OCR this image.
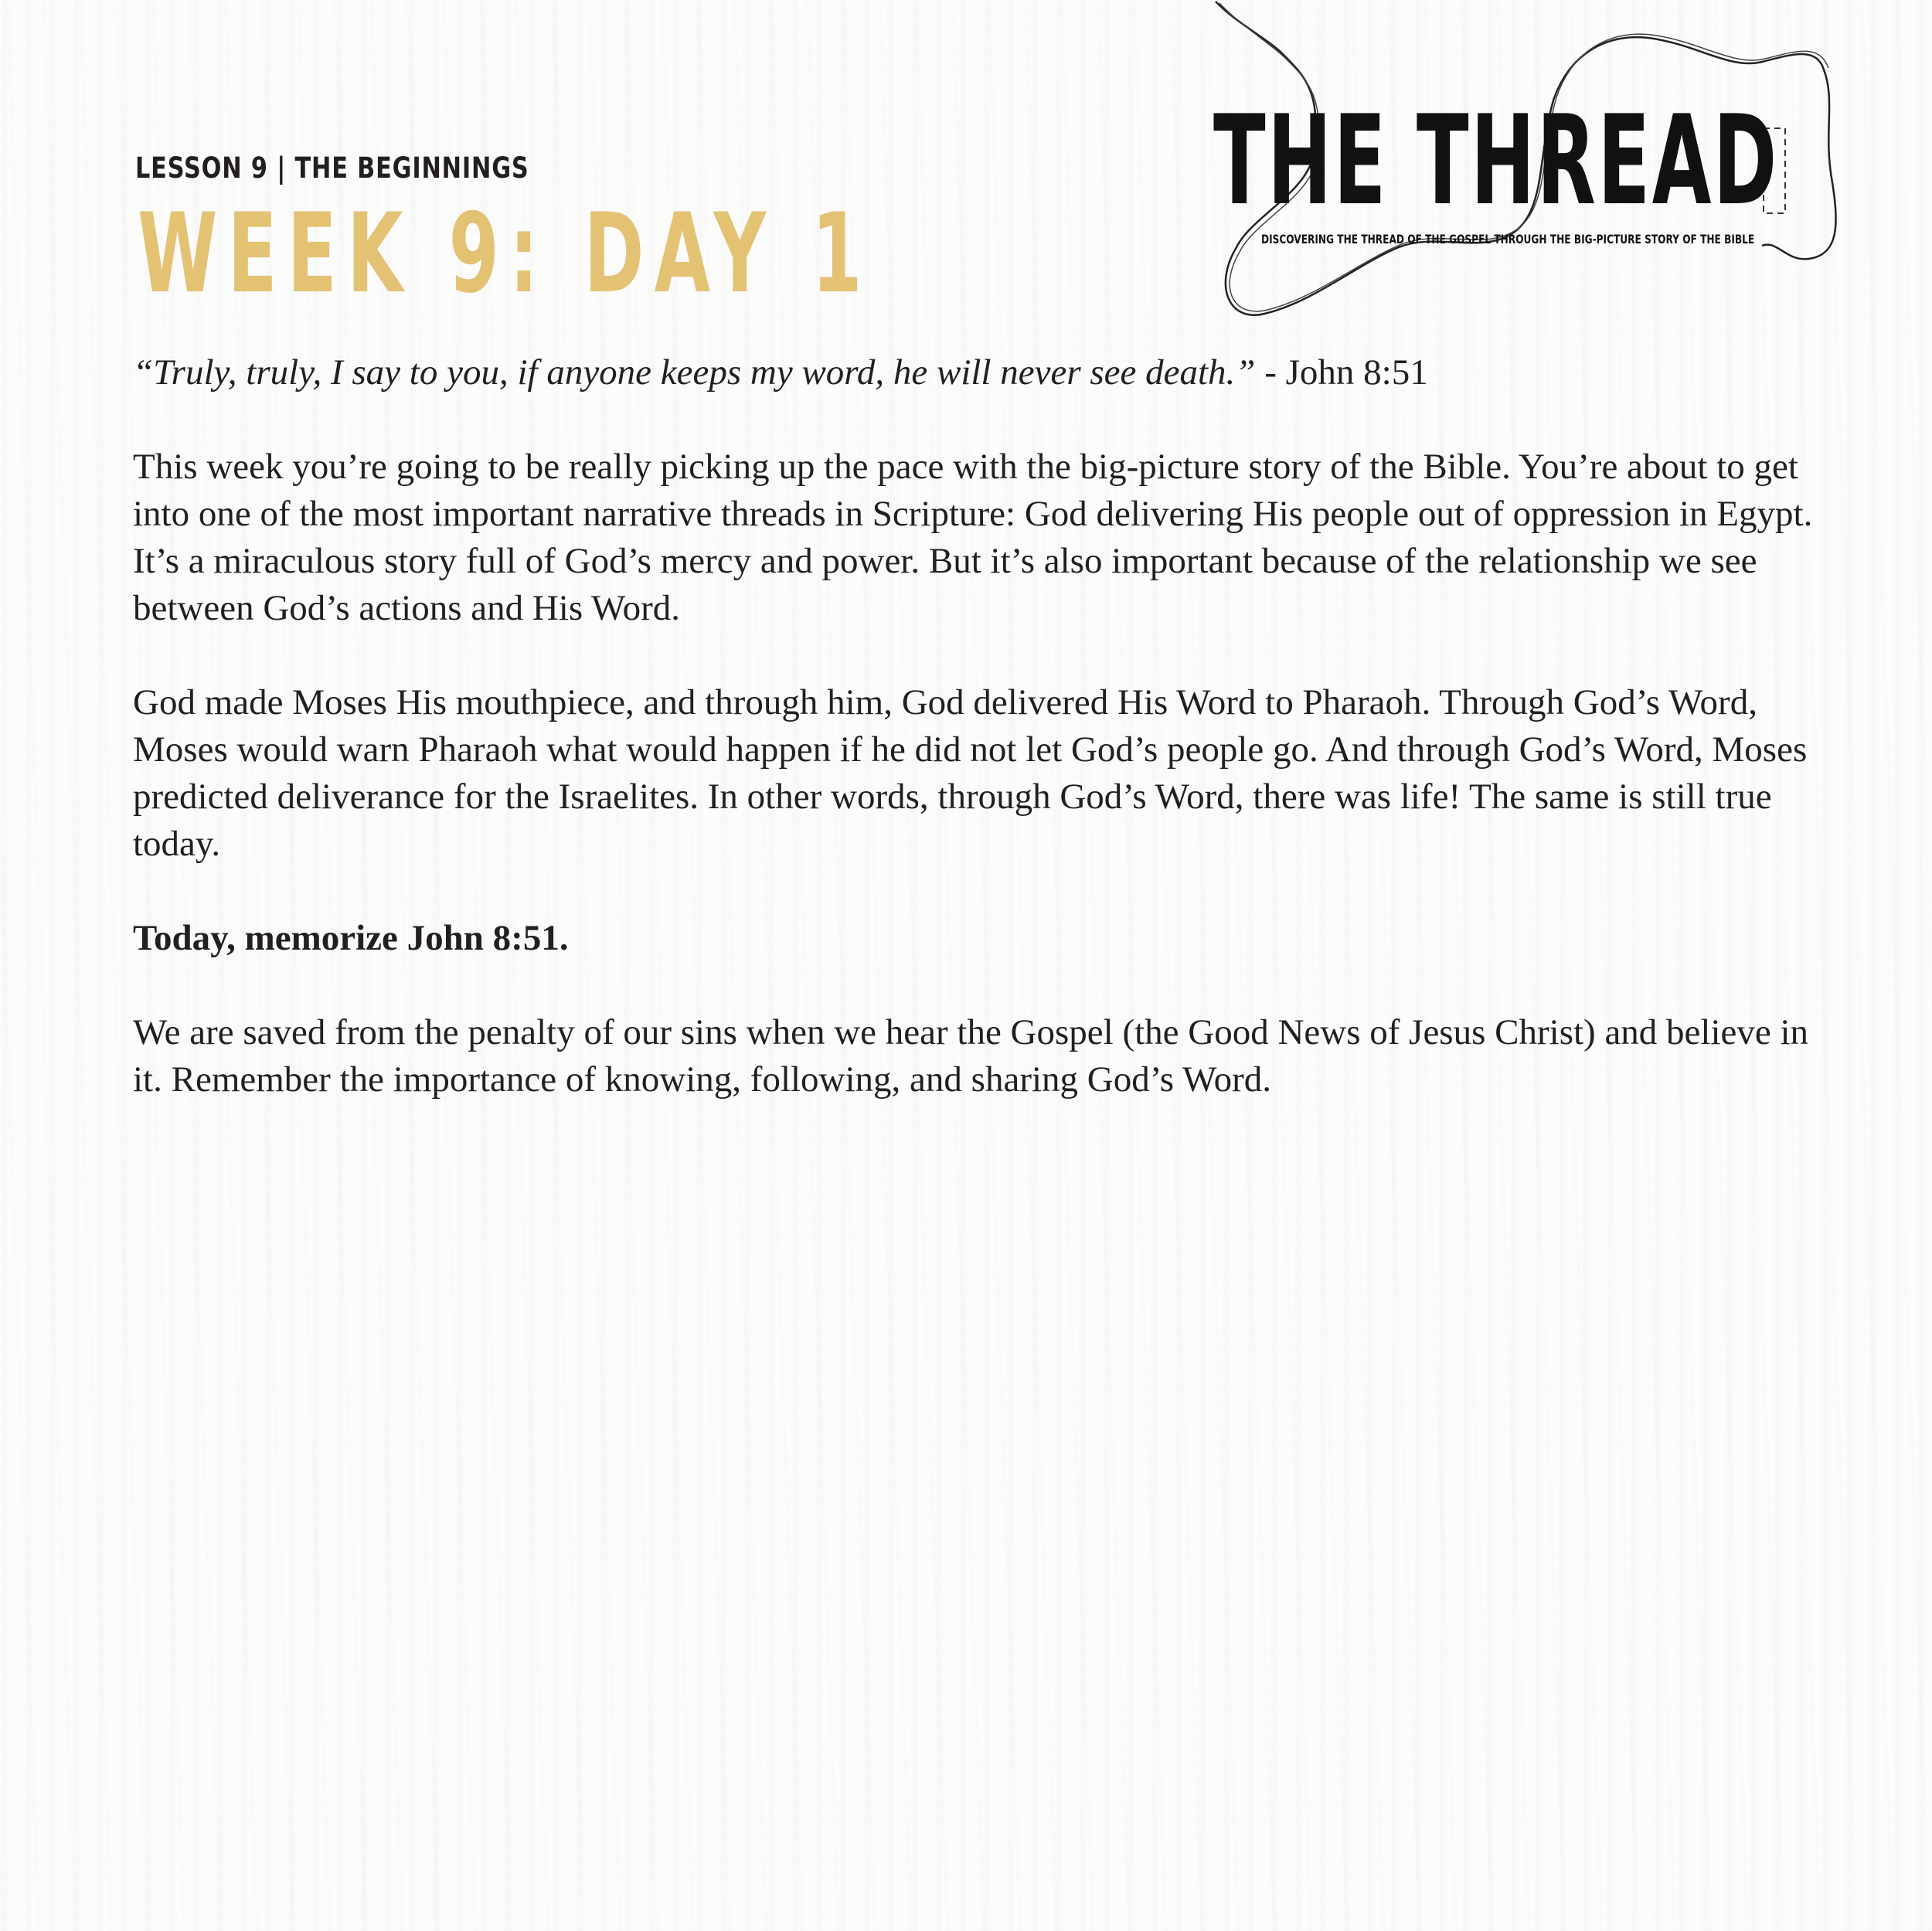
LESSON 9 | THE BEGINNINGS
WEEK 9: DAY 1
THE THREAD
DISCOVERING THE THREAD OF THE GOSPEL THROUGH THE BIG-PICTURE STORY OF THE BIBLE

“Truly, truly, I say to you, if anyone keeps my word, he will never see death.” - John 8:51

This week you’re going to be really picking up the pace with the big-picture story of the Bible. You’re about to get into one of the most important narrative threads in Scripture: God delivering His people out of oppression in Egypt. It’s a miraculous story full of God’s mercy and power. But it’s also important because of the relationship we see between God’s actions and His Word.

God made Moses His mouthpiece, and through him, God delivered His Word to Pharaoh. Through God’s Word, Moses would warn Pharaoh what would happen if he did not let God’s people go. And through God’s Word, Moses predicted deliverance for the Israelites. In other words, through God’s Word, there was life! The same is still true today.

Today, memorize John 8:51.

We are saved from the penalty of our sins when we hear the Gospel (the Good News of Jesus Christ) and believe in it. Remember the importance of knowing, following, and sharing God’s Word.
